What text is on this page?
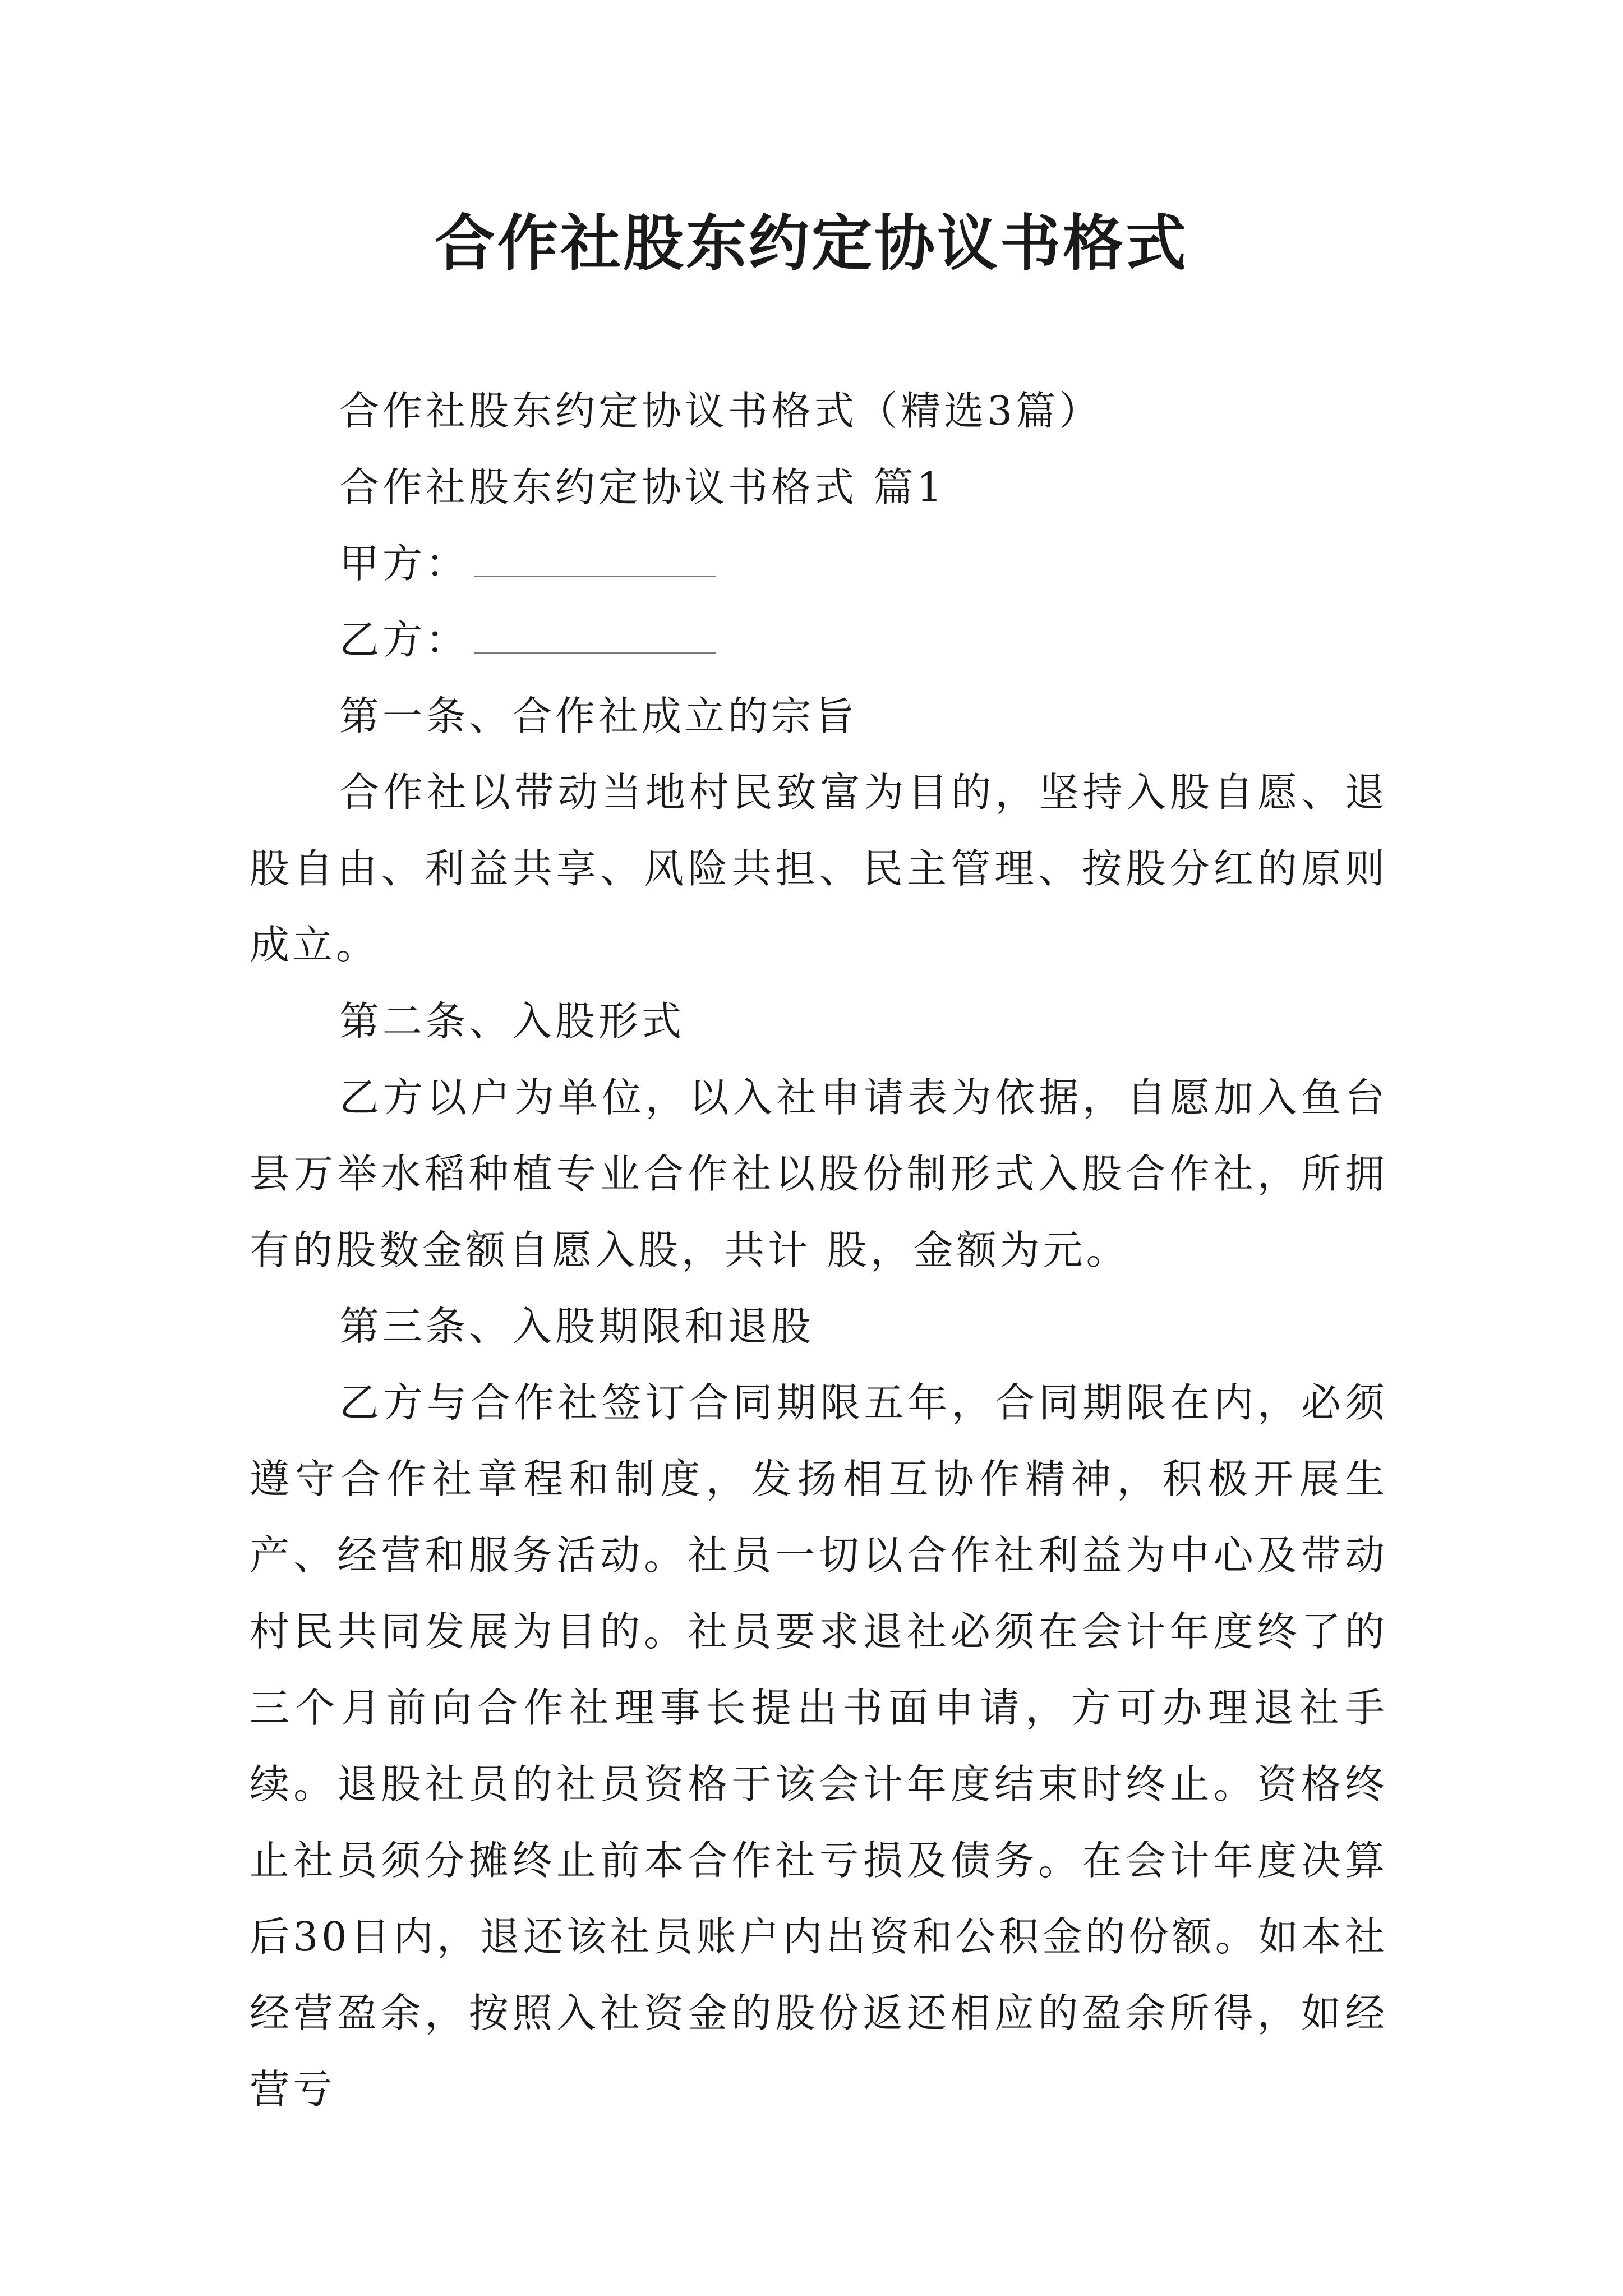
合作社股东约定协议书格式

合作社股东约定协议书格式（精选3篇）

合作社股东约定协议书格式 篇1

甲方：

乙方：

第一条、合作社成立的宗旨

合作社以带动当地村民致富为目的，坚持入股自愿、退股自由、利益共享、风险共担、民主管理、按股分红的原则成立。

第二条、入股形式

乙方以户为单位，以入社申请表为依据，自愿加入鱼台县万举水稻种植专业合作社以股份制形式入股合作社，所拥有的股数金额自愿入股，共计 股，金额为元。

第三条、入股期限和退股

乙方与合作社签订合同期限五年，合同期限在内，必须遵守合作社章程和制度，发扬相互协作精神，积极开展生产、经营和服务活动。社员一切以合作社利益为中心及带动村民共同发展为目的。社员要求退社必须在会计年度终了的三个月前向合作社理事长提出书面申请，方可办理退社手续。退股社员的社员资格于该会计年度结束时终止。资格终止社员须分摊终止前本合作社亏损及债务。在会计年度决算后30日内，退还该社员账户内出资和公积金的份额。如本社经营盈余，按照入社资金的股份返还相应的盈余所得，如经营亏
